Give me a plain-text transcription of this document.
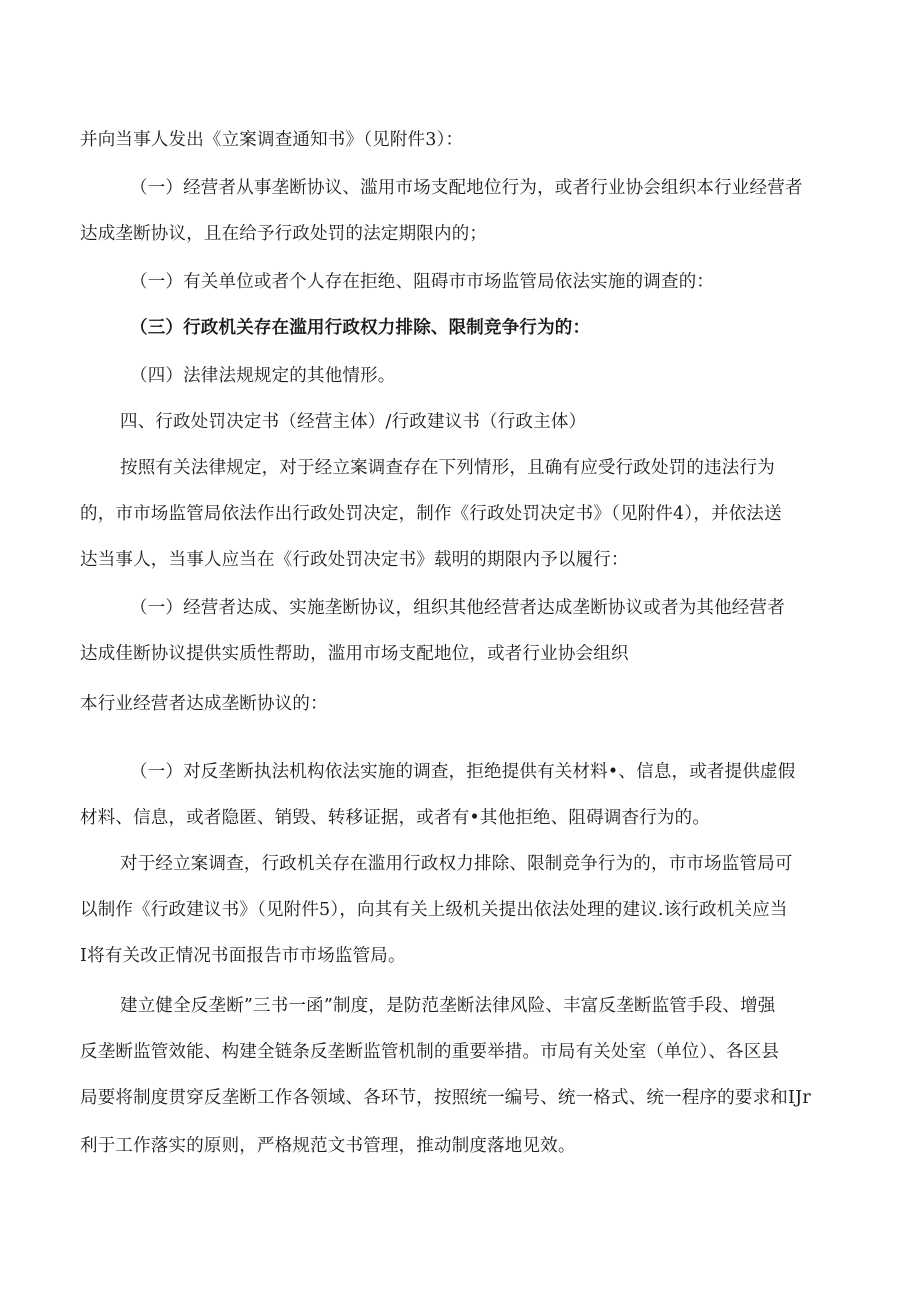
并向当事人发出《立案调查通知书》（见附件3）：

（一）经营者从事垄断协议、滥用市场支配地位行为，或者行业协会组织本行业经营者

达成垄断协议，且在给予行政处罚的法定期限内的；

（一）有关单位或者个人存在拒绝、阻碍市市场监管局依法实施的调查的：

（三）行政机关存在滥用行政权力排除、限制竞争行为的：

（四）法律法规规定的其他情形。

四、行政处罚决定书（经营主体）/行政建议书（行政主体）

按照有关法律规定，对于经立案调查存在下列情形，且确有应受行政处罚的违法行为

的，市市场监管局依法作出行政处罚决定，制作《行政处罚决定书》（见附件4），并依法送

达当事人，当事人应当在《行政处罚决定书》载明的期限内予以履行：

（一）经营者达成、实施垄断协议，组织其他经营者达成垄断协议或者为其他经营者

达成佳断协议提供实质性帮助，滥用市场支配地位，或者行业协会组织

本行业经营者达成垄断协议的：

（一）对反垄断执法机构依法实施的调查，拒绝提供有关材料•、信息，或者提供虚假

材料、信息，或者隐匿、销毁、转移证据，或者有•其他拒绝、阻碍调杳行为的。

对于经立案调查，行政机关存在滥用行政权力排除、限制竞争行为的，市市场监管局可

以制作《行政建议书》（见附件5），向其有关上级机关提出依法处理的建议.该行政机关应当

I将有关改正情况书面报告市市场监管局。

建立健全反垄断”三书一函”制度，是防范垄断法律风险、丰富反垄断监管手段、增强

反垄断监管效能、构建全链条反垄断监管机制的重要举措。市局有关处室（单位）、各区县

局要将制度贯穿反垄断工作各领域、各环节，按照统一编号、统一格式、统一程序的要求和IJr

利于工作落实的原则，严格规范文书管理，推动制度落地见效。
